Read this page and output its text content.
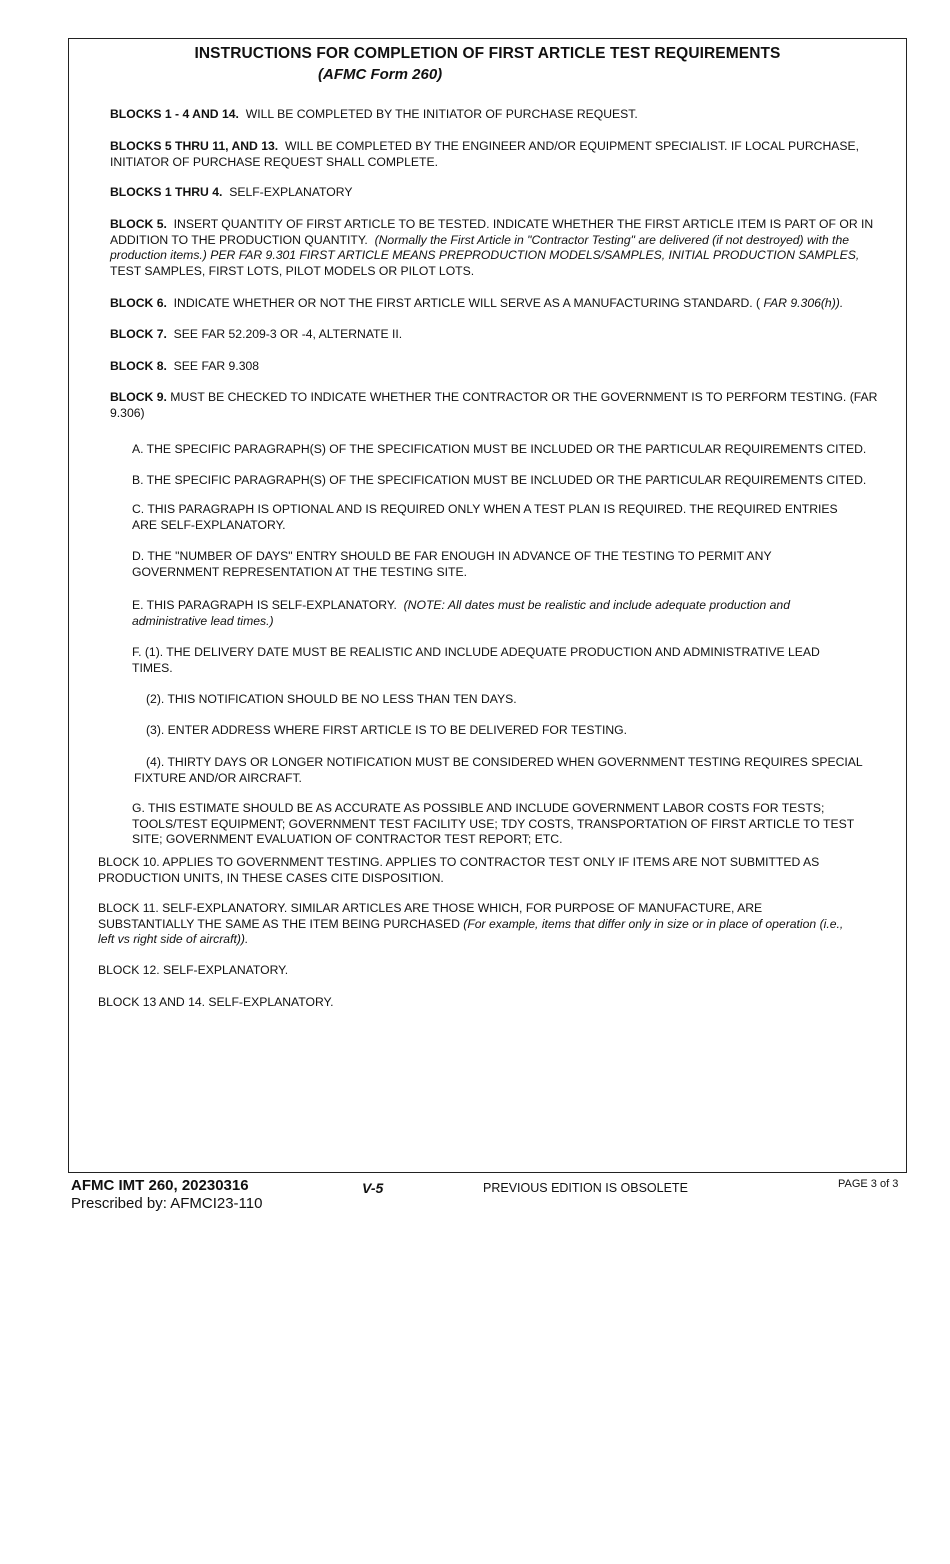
INSTRUCTIONS FOR COMPLETION OF FIRST ARTICLE TEST REQUIREMENTS
(AFMC Form 260)

BLOCKS 1 - 4 AND 14. WILL BE COMPLETED BY THE INITIATOR OF PURCHASE REQUEST.

BLOCKS 5 THRU 11, AND 13. WILL BE COMPLETED BY THE ENGINEER AND/OR EQUIPMENT SPECIALIST. IF LOCAL PURCHASE,
INITIATOR OF PURCHASE REQUEST SHALL COMPLETE.

BLOCKS 1 THRU 4. SELF-EXPLANATORY

BLOCK 5. INSERT QUANTITY OF FIRST ARTICLE TO BE TESTED. INDICATE WHETHER THE FIRST ARTICLE ITEM IS PART OF OR IN
ADDITION TO THE PRODUCTION QUANTITY. (Normally the First Article in "Contractor Testing" are delivered (if not destroyed) with the
production items.) PER FAR 9.301 FIRST ARTICLE MEANS PREPRODUCTION MODELS/SAMPLES, INITIAL PRODUCTION SAMPLES,
TEST SAMPLES, FIRST LOTS, PILOT MODELS OR PILOT LOTS.

BLOCK 6. INDICATE WHETHER OR NOT THE FIRST ARTICLE WILL SERVE AS A MANUFACTURING STANDARD. ( FAR 9.306(h)).

BLOCK 7. SEE FAR 52.209-3 OR -4, ALTERNATE II.

BLOCK 8. SEE FAR 9.308

BLOCK 9. MUST BE CHECKED TO INDICATE WHETHER THE CONTRACTOR OR THE GOVERNMENT IS TO PERFORM TESTING. (FAR
9.306)

A. THE SPECIFIC PARAGRAPH(S) OF THE SPECIFICATION MUST BE INCLUDED OR THE PARTICULAR REQUIREMENTS CITED.

B. THE SPECIFIC PARAGRAPH(S) OF THE SPECIFICATION MUST BE INCLUDED OR THE PARTICULAR REQUIREMENTS CITED.

C. THIS PARAGRAPH IS OPTIONAL AND IS REQUIRED ONLY WHEN A TEST PLAN IS REQUIRED. THE REQUIRED ENTRIES
ARE SELF-EXPLANATORY.

D. THE "NUMBER OF DAYS" ENTRY SHOULD BE FAR ENOUGH IN ADVANCE OF THE TESTING TO PERMIT ANY
GOVERNMENT REPRESENTATION AT THE TESTING SITE.

E. THIS PARAGRAPH IS SELF-EXPLANATORY. (NOTE: All dates must be realistic and include adequate production and
administrative lead times.)

F. (1). THE DELIVERY DATE MUST BE REALISTIC AND INCLUDE ADEQUATE PRODUCTION AND ADMINISTRATIVE LEAD
TIMES.

(2). THIS NOTIFICATION SHOULD BE NO LESS THAN TEN DAYS.

(3). ENTER ADDRESS WHERE FIRST ARTICLE IS TO BE DELIVERED FOR TESTING.

(4). THIRTY DAYS OR LONGER NOTIFICATION MUST BE CONSIDERED WHEN GOVERNMENT TESTING REQUIRES SPECIAL
FIXTURE AND/OR AIRCRAFT.

G. THIS ESTIMATE SHOULD BE AS ACCURATE AS POSSIBLE AND INCLUDE GOVERNMENT LABOR COSTS FOR TESTS;
TOOLS/TEST EQUIPMENT; GOVERNMENT TEST FACILITY USE; TDY COSTS, TRANSPORTATION OF FIRST ARTICLE TO TEST
SITE; GOVERNMENT EVALUATION OF CONTRACTOR TEST REPORT; ETC.

BLOCK 10. APPLIES TO GOVERNMENT TESTING. APPLIES TO CONTRACTOR TEST ONLY IF ITEMS ARE NOT SUBMITTED AS
PRODUCTION UNITS, IN THESE CASES CITE DISPOSITION.

BLOCK 11. SELF-EXPLANATORY. SIMILAR ARTICLES ARE THOSE WHICH, FOR PURPOSE OF MANUFACTURE, ARE
SUBSTANTIALLY THE SAME AS THE ITEM BEING PURCHASED (For example, items that differ only in size or in place of operation (i.e.,
left vs right side of aircraft)).

BLOCK 12. SELF-EXPLANATORY.

BLOCK 13 AND 14. SELF-EXPLANATORY.

AFMC IMT 260, 20230316
Prescribed by: AFMCI23-110
V-5	PREVIOUS EDITION IS OBSOLETE	PAGE 3 of 3
